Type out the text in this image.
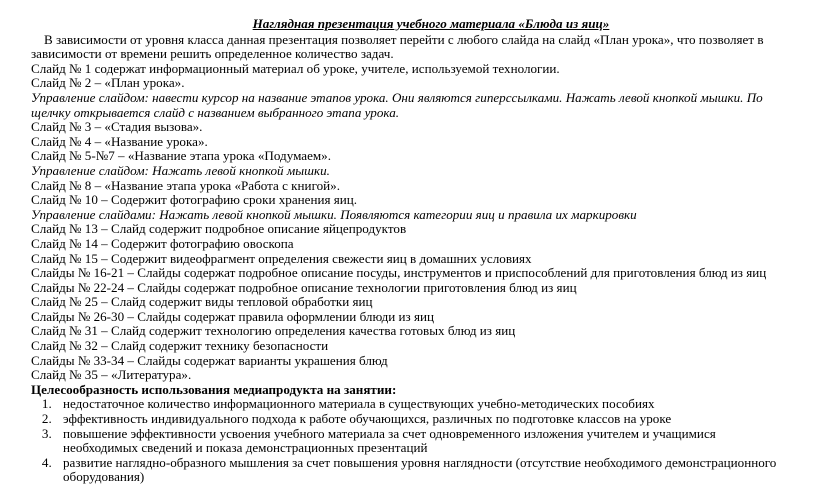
Наглядная презентация учебного материала «Блюда из яиц»

В зависимости от уровня класса данная презентация позволяет перейти с любого слайда на слайд «План урока», что позволяет в зависимости от времени решить определенное количество задач.

Слайд № 1 содержат информационный материал об уроке, учителе, используемой технологии.

Слайд № 2 – «План урока».

Управление слайдом: навести курсор на название этапов урока. Они являются гиперссылками. Нажать левой кнопкой мышки. По щелчку открывается слайд с названием выбранного этапа урока.

Слайд № 3 – «Стадия вызова».

Слайд № 4 – «Название урока».

Слайд № 5-№7 – «Название этапа урока «Подумаем».

Управление слайдом: Нажать левой кнопкой мышки.

Слайд № 8 – «Название этапа урока «Работа с книгой».

Слайд № 10 – Содержит фотографию сроки хранения яиц.

Управление слайдами: Нажать левой кнопкой мышки. Появляются категории яиц и правила их маркировки

Слайд № 13 – Слайд содержит подробное описание яйцепродуктов

Слайд № 14 – Содержит фотографию овоскопа

Слайд № 15 – Содержит видеофрагмент определения свежести яиц в домашних условиях

Слайды № 16-21 – Слайды содержат подробное описание посуды, инструментов и приспособлений для приготовления блюд из яиц

Слайды № 22-24 – Слайды содержат подробное описание технологии приготовления блюд из яиц

Слайд № 25 – Слайд содержит виды тепловой обработки яиц

Слайды № 26-30 – Слайды содержат правила оформлении блюди из яиц

Слайд № 31 – Слайд содержит технологию определения качества готовых блюд из яиц

Слайд № 32 – Слайд содержит технику безопасности

Слайды № 33-34 – Слайды содержат варианты украшения блюд

Слайд № 35 – «Литература».

Целесообразность использования медиапродукта на занятии:

1. недостаточное количество информационного материала в существующих учебно-методических пособиях
2. эффективность индивидуального подхода к работе обучающихся, различных по подготовке классов на уроке
3. повышение эффективности усвоения учебного материала за счет одновременного изложения учителем и учащимися необходимых сведений и показа демонстрационных презентаций
4. развитие наглядно-образного мышления за счет повышения уровня наглядности (отсутствие необходимого демонстрационного оборудования)
